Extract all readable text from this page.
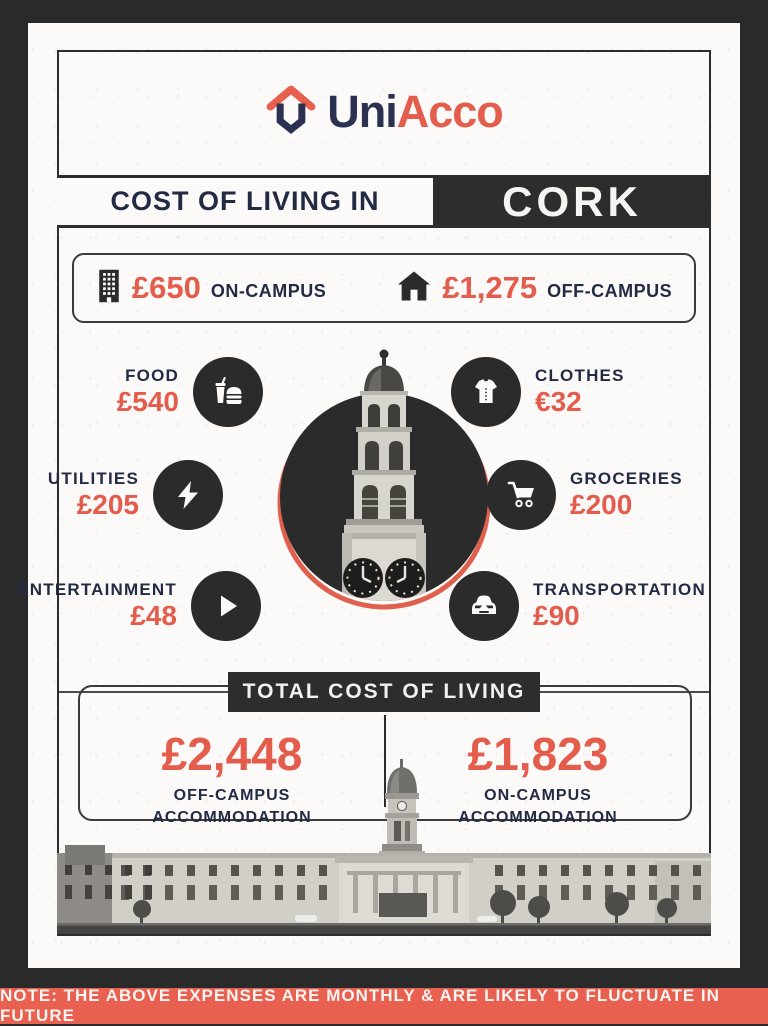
UniAcco
COST OF LIVING IN	CORK
£650 ON-CAMPUS	£1,275 OFF-CAMPUS
FOOD
£540
CLOTHES
€32
UTILITIES
£205
GROCERIES
£200
ENTERTAINMENT
£48
TRANSPORTATION
£90
£2,448
OFF-CAMPUS
ACCOMMODATION
£1,823
ON-CAMPUS
ACCOMMODATION
TOTAL COST OF LIVING
NOTE: THE ABOVE EXPENSES ARE MONTHLY & ARE LIKELY TO FLUCTUATE IN FUTURE
